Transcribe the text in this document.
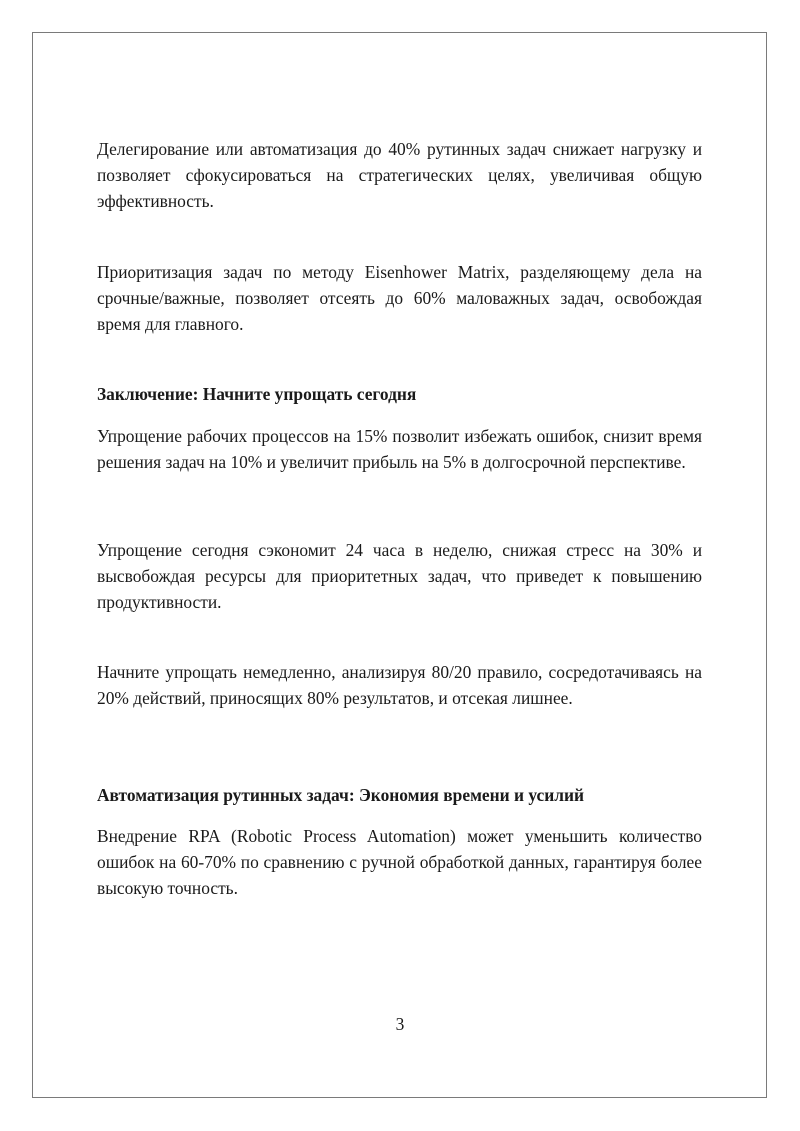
Делегирование или автоматизация до 40% рутинных задач снижает нагрузку и позволяет сфокусироваться на стратегических целях, увеличивая общую эффективность.

Приоритизация задач по методу Eisenhower Matrix, разделяющему дела на срочные/важные, позволяет отсеять до 60% маловажных задач, освобождая время для главного.

Заключение: Начните упрощать сегодня

Упрощение рабочих процессов на 15% позволит избежать ошибок, снизит время решения задач на 10% и увеличит прибыль на 5% в долгосрочной перспективе.

Упрощение сегодня сэкономит 24 часа в неделю, снижая стресс на 30% и высвобождая ресурсы для приоритетных задач, что приведет к повышению продуктивности.

Начните упрощать немедленно, анализируя 80/20 правило, сосредотачиваясь на 20% действий, приносящих 80% результатов, и отсекая лишнее.

Автоматизация рутинных задач: Экономия времени и усилий

Внедрение RPA (Robotic Process Automation) может уменьшить количество ошибок на 60-70% по сравнению с ручной обработкой данных, гарантируя более высокую точность.

3
